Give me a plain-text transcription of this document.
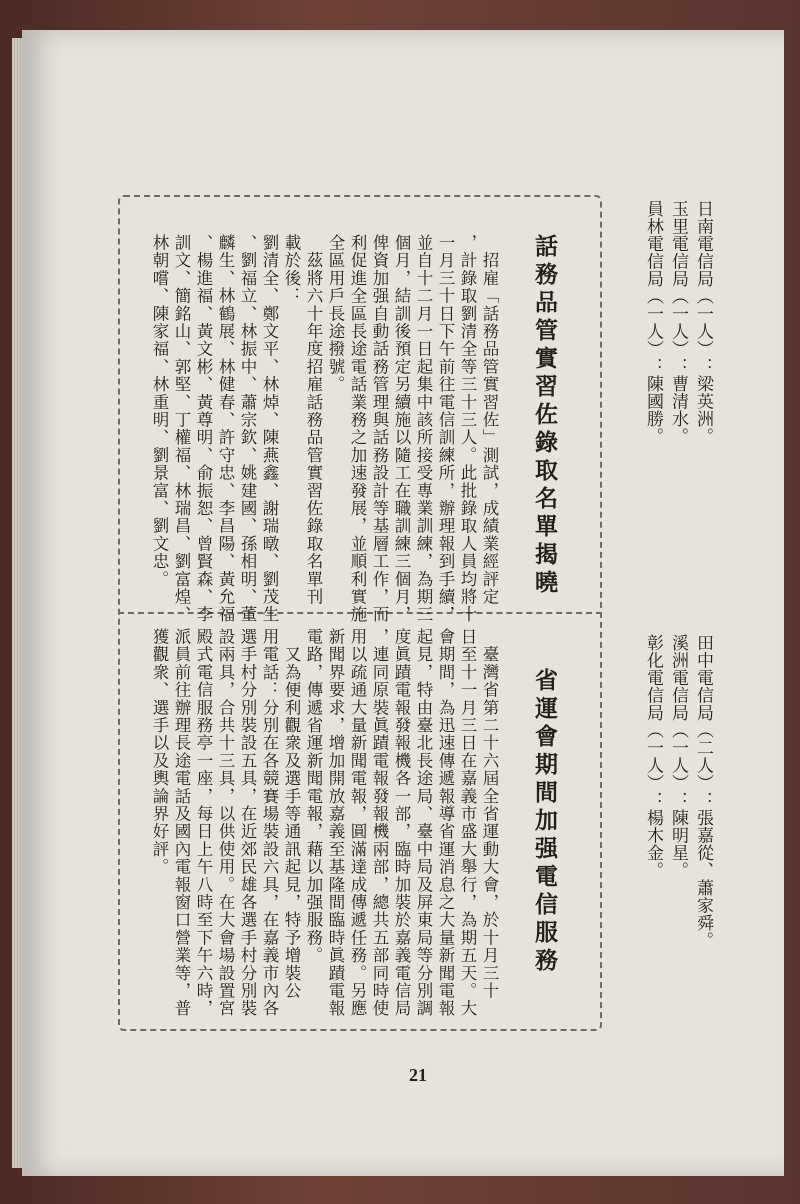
日南電信局（一人）：梁英洲。
玉里電信局（一人）：曹清水。
員林電信局（一人）：陳國勝。
田中電信局（二人）：張嘉從、蕭家舜。
溪洲電信局（一人）：陳明星。
彰化電信局（一人）：楊木金。
話務品管實習佐錄取名單揭曉
　招雇「話務品管實習佐」測試，成績業經評定
，計錄取劉清全等三十三人。此批錄取人員均將十
一月三十日下午前往電信訓練所，辦理報到手續，
並自十二月一日起集中該所接受專業訓練，為期三
個月，結訓後預定另續施以隨工在職訓練三個月，
俾資加强自動話務管理與話務設計等基層工作，而
利促進全區長途電話業務之加速發展，並順利實施
全區用戶長途撥號。
　茲將六十年度招雇話務品管實習佐錄取名單刊
載於後：
劉清全、鄭文平、林焯、陳燕鑫、謝瑞暾、劉茂生
、劉福立、林振中、蕭宗欽、姚建國、孫相明、董
麟生、林鶴展、林健春、許守忠、李昌陽、黃允福
、楊進福、黃文彬、黃尊明、俞振恕、曾賢森、李
訓文、簡銘山、郭堅、丁權福、林瑞昌、劉富煌、
林朝嚐、陳家福、林重明、劉景富、劉文忠。
省運會期間加强電信服務
　臺灣省第二十六屆全省運動大會，於十月三十
日至十一月三日在嘉義市盛大舉行，為期五天。大
會期間，為迅速傳遞報導省運消息之大量新聞電報
起見，特由臺北長途局、臺中局及屏東局等分別調
度眞蹟電報發報機各一部，臨時加裝於嘉義電信局
，連同原裝眞蹟電報發報機兩部，總共五部同時使
用以疏通大量新聞電報，圓滿達成傳遞任務。另應
新聞界要求，增加開放嘉義至基隆間臨時眞蹟電報
電路，傳遞省運新聞電報，藉以加强服務。
　又為便利觀衆及選手等通訊起見，特予增裝公
用電話：分別在各競賽場裝設六具，在嘉義市內各
選手村分別裝設五具，在近郊民雄各選手村分別裝
設兩具，合共十三具，以供使用。在大會場設置宮
殿式電信服務亭一座，每日上午八時至下午六時，
派員前往辦理長途電話及國內電報窗口營業等，普
獲觀衆、選手以及輿論界好評。
21
